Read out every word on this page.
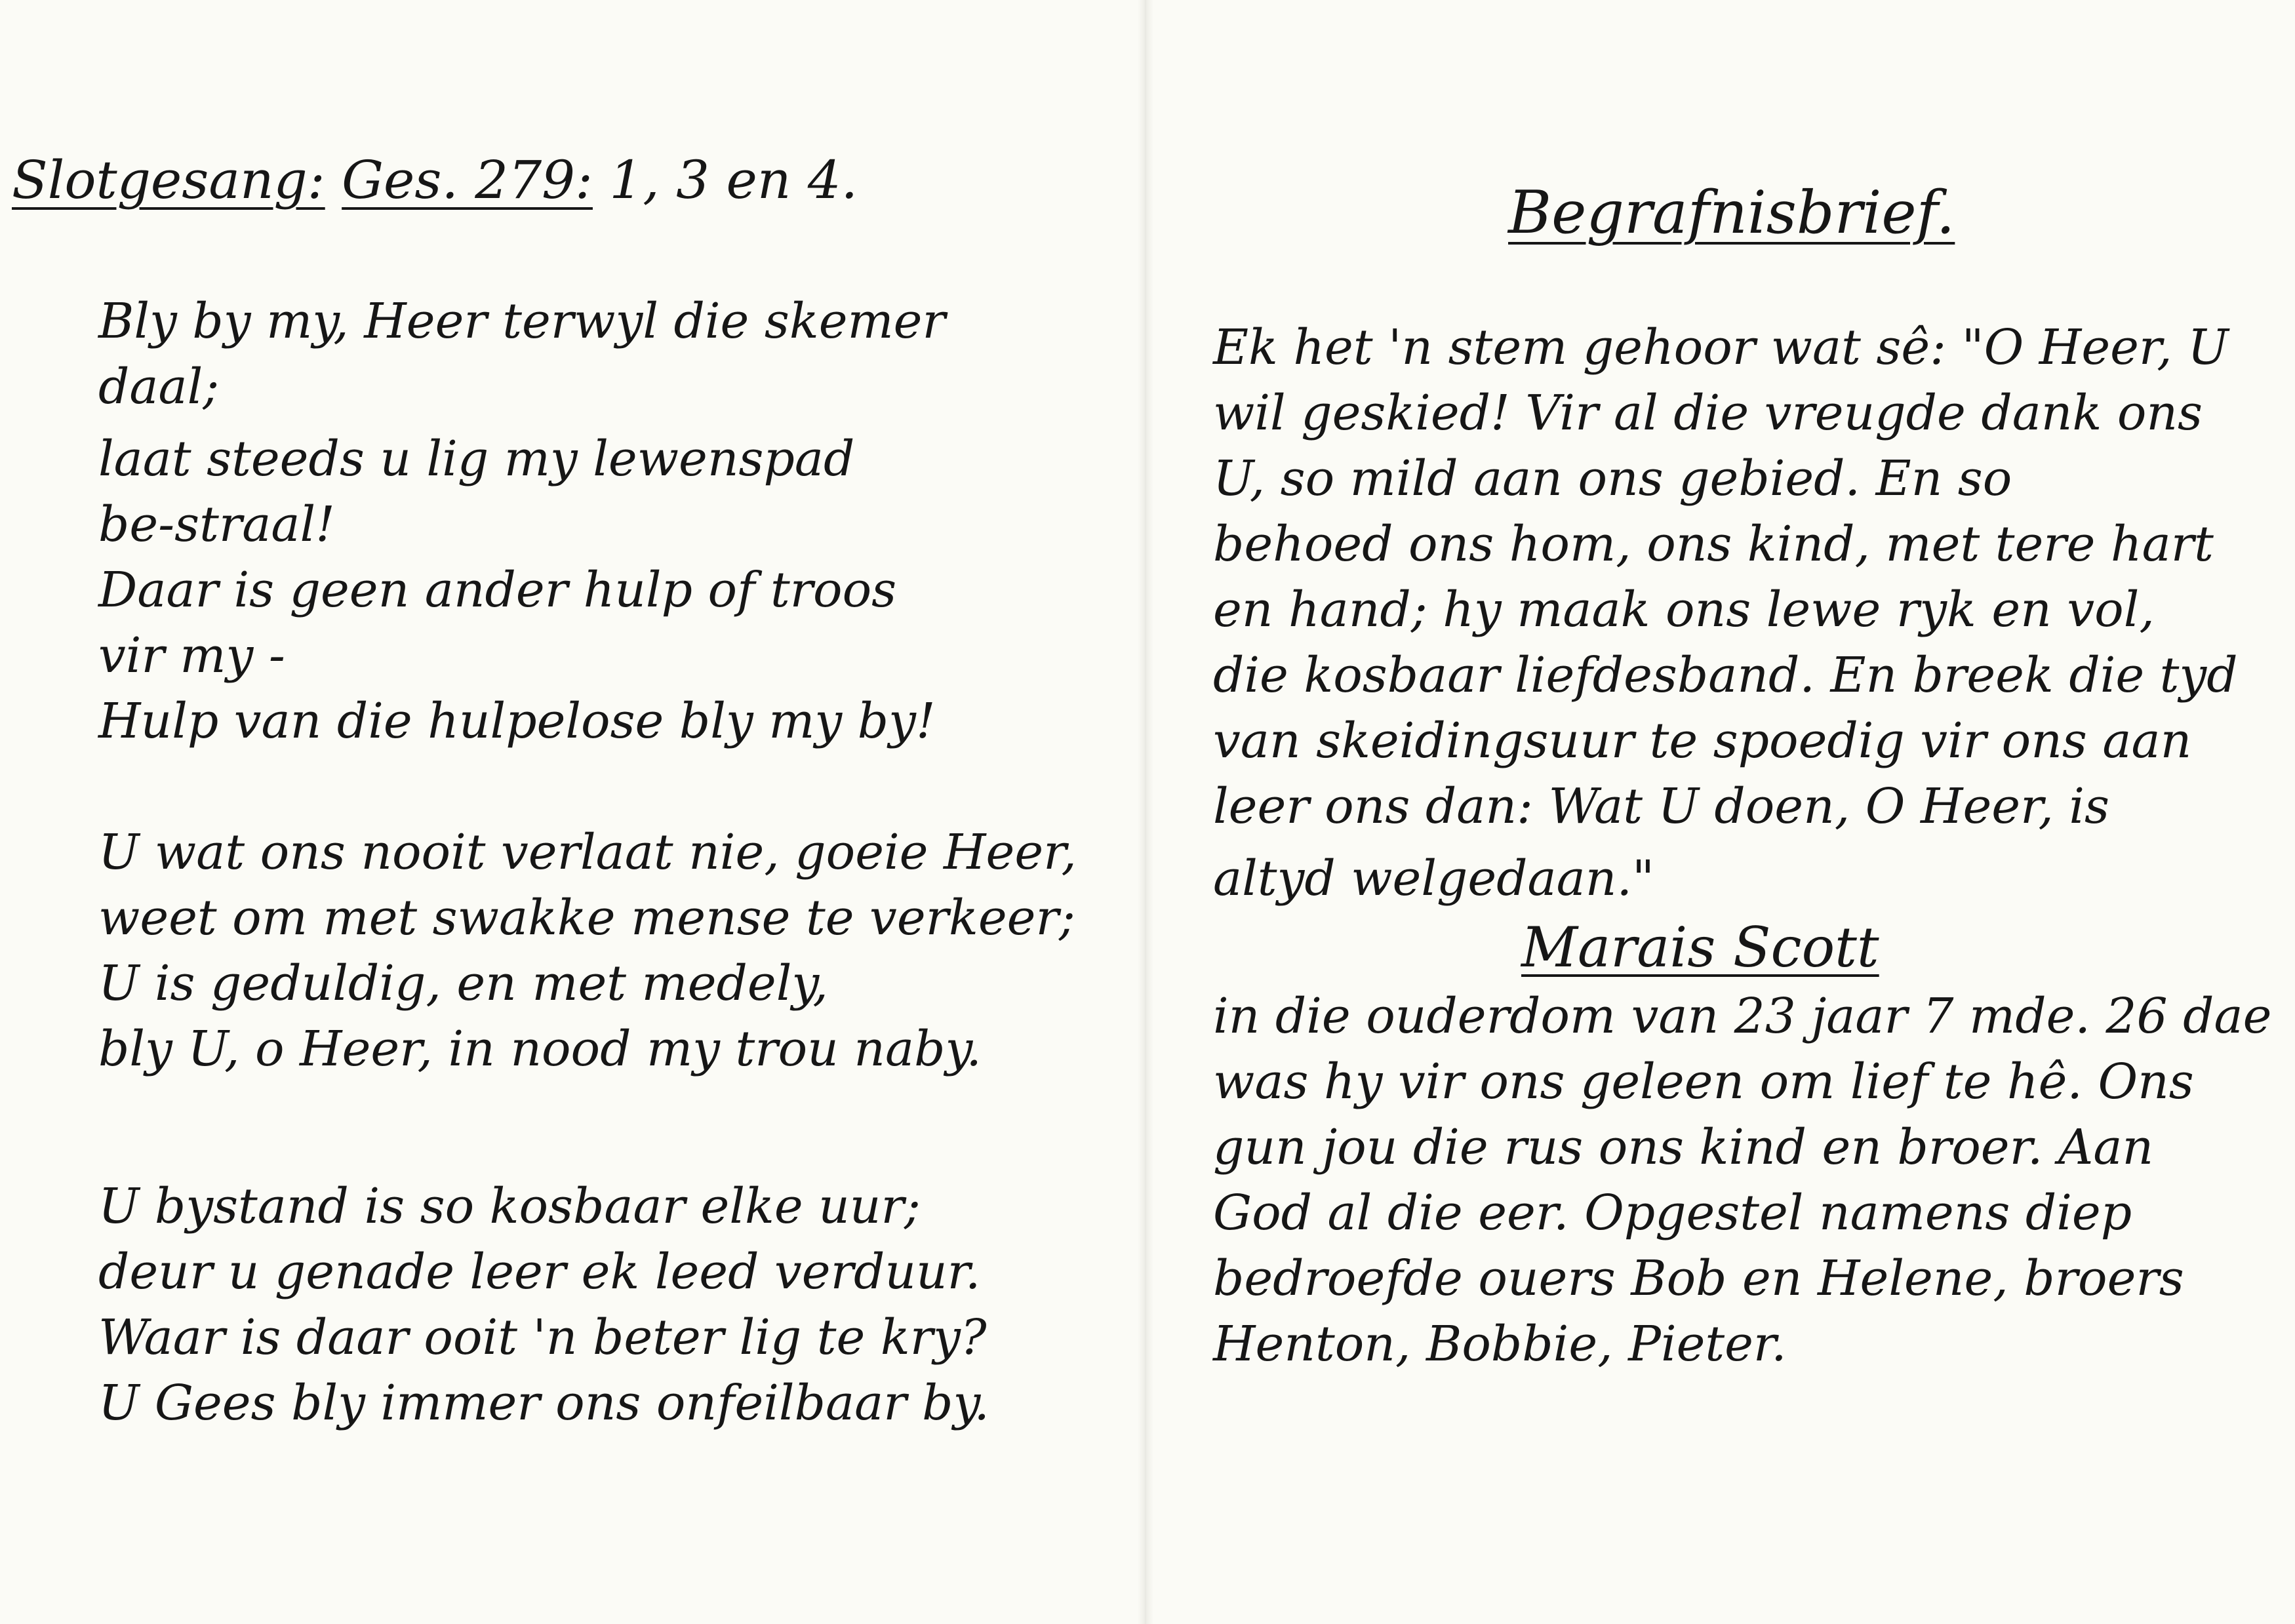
Slotgesang: Ges. 279: 1, 3 en 4.
Bly by my, Heer terwyl die skemer
daal;
laat steeds u lig my lewenspad
be-straal!
Daar is geen ander hulp of troos
vir my -
Hulp van die hulpelose bly my by!
U wat ons nooit verlaat nie, goeie Heer,
weet om met swakke mense te verkeer;
U is geduldig, en met medely,
bly U, o Heer, in nood my trou naby.
U bystand is so kosbaar elke uur;
deur u genade leer ek leed verduur.
Waar is daar ooit 'n beter lig te kry?
U Gees bly immer ons onfeilbaar by.
Begrafnisbrief.
Ek het 'n stem gehoor wat sê: "O Heer, U
wil geskied! Vir al die vreugde dank ons
U, so mild aan ons gebied. En so
behoed ons hom, ons kind, met tere hart
en hand; hy maak ons lewe ryk en vol,
die kosbaar liefdesband. En breek die tyd
van skeidingsuur te spoedig vir ons aan
leer ons dan: Wat U doen, O Heer, is
altyd welgedaan."
Marais Scott
in die ouderdom van 23 jaar 7 mde. 26 dae
was hy vir ons geleen om lief te hê. Ons
gun jou die rus ons kind en broer. Aan
God al die eer. Opgestel namens diep
bedroefde ouers Bob en Helene, broers
Henton, Bobbie, Pieter.
